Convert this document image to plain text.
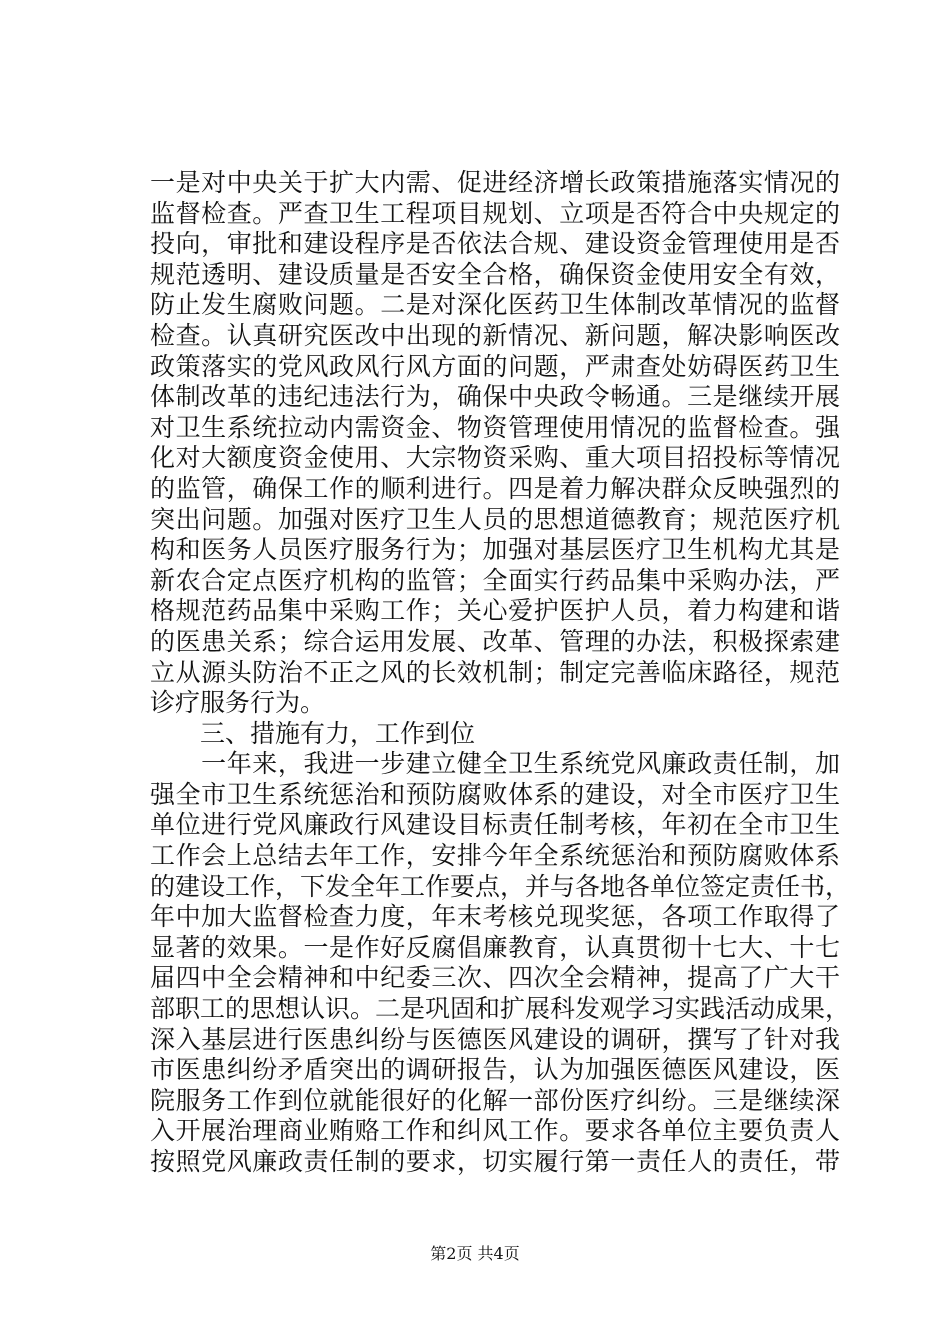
一是对中央关于扩大内需、促进经济增长政策措施落实情况的
监督检查。严查卫生工程项目规划、立项是否符合中央规定的
投向，审批和建设程序是否依法合规、建设资金管理使用是否
规范透明、建设质量是否安全合格，确保资金使用安全有效，
防止发生腐败问题。二是对深化医药卫生体制改革情况的监督
检查。认真研究医改中出现的新情况、新问题，解决影响医改
政策落实的党风政风行风方面的问题，严肃查处妨碍医药卫生
体制改革的违纪违法行为，确保中央政令畅通。三是继续开展
对卫生系统拉动内需资金、物资管理使用情况的监督检查。强
化对大额度资金使用、大宗物资采购、重大项目招投标等情况
的监管，确保工作的顺利进行。四是着力解决群众反映强烈的
突出问题。加强对医疗卫生人员的思想道德教育；规范医疗机
构和医务人员医疗服务行为；加强对基层医疗卫生机构尤其是
新农合定点医疗机构的监管；全面实行药品集中采购办法，严
格规范药品集中采购工作；关心爱护医护人员，着力构建和谐
的医患关系；综合运用发展、改革、管理的办法，积极探索建
立从源头防治不正之风的长效机制；制定完善临床路径，规范
诊疗服务行为。
　　三、措施有力，工作到位
　　一年来，我进一步建立健全卫生系统党风廉政责任制，加
强全市卫生系统惩治和预防腐败体系的建设，对全市医疗卫生
单位进行党风廉政行风建设目标责任制考核，年初在全市卫生
工作会上总结去年工作，安排今年全系统惩治和预防腐败体系
的建设工作，下发全年工作要点，并与各地各单位签定责任书，
年中加大监督检查力度，年末考核兑现奖惩，各项工作取得了
显著的效果。一是作好反腐倡廉教育，认真贯彻十七大、十七
届四中全会精神和中纪委三次、四次全会精神，提高了广大干
部职工的思想认识。二是巩固和扩展科发观学习实践活动成果，
深入基层进行医患纠纷与医德医风建设的调研，撰写了针对我
市医患纠纷矛盾突出的调研报告，认为加强医德医风建设，医
院服务工作到位就能很好的化解一部份医疗纠纷。三是继续深
入开展治理商业贿赂工作和纠风工作。要求各单位主要负责人
按照党风廉政责任制的要求，切实履行第一责任人的责任，带
第2页 共4页
